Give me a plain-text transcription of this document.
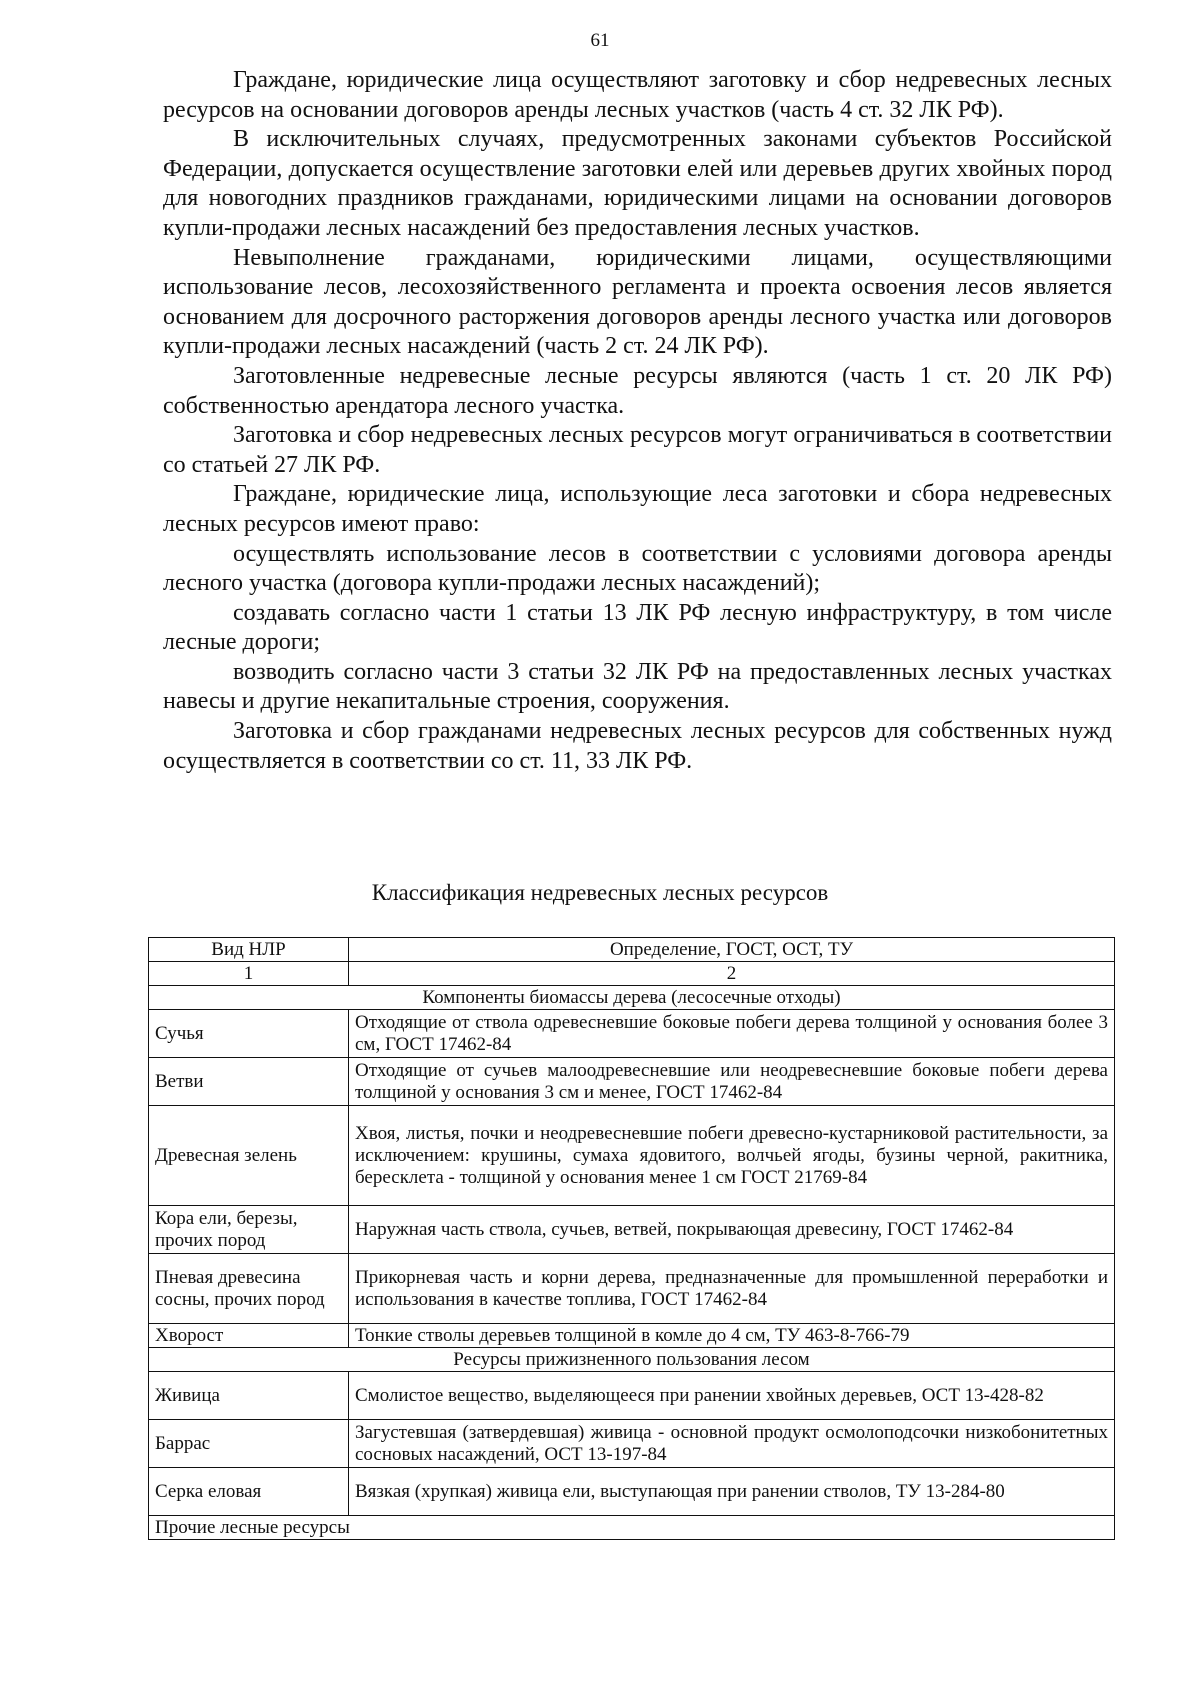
61

Граждане, юридические лица осуществляют заготовку и сбор недревесных лесных ресурсов на основании договоров аренды лесных участков (часть 4 ст. 32 ЛК РФ).

В исключительных случаях, предусмотренных законами субъектов Российской Федерации, допускается осуществление заготовки елей или деревьев других хвойных пород для новогодних праздников гражданами, юридическими лицами на основании договоров купли-продажи лесных насаждений без предоставления лесных участков.

Невыполнение гражданами, юридическими лицами, осуществляющими использование лесов, лесохозяйственного регламента и проекта освоения лесов является основанием для досрочного расторжения договоров аренды лесного участка или договоров купли-продажи лесных насаждений (часть 2 ст. 24 ЛК РФ).

Заготовленные недревесные лесные ресурсы являются (часть 1 ст. 20 ЛК РФ) собственностью арендатора лесного участка.

Заготовка и сбор недревесных лесных ресурсов могут ограничиваться в соответствии со статьей 27 ЛК РФ.

Граждане, юридические лица, использующие леса заготовки и сбора недревесных лесных ресурсов имеют право:

осуществлять использование лесов в соответствии с условиями договора аренды лесного участка (договора купли-продажи лесных насаждений);

создавать согласно части 1 статьи 13 ЛК РФ лесную инфраструктуру, в том числе лесные дороги;

возводить согласно части 3 статьи 32 ЛК РФ на предоставленных лесных участках навесы и другие некапитальные строения, сооружения.

Заготовка и сбор гражданами недревесных лесных ресурсов для собственных нужд осуществляется в соответствии со ст. 11, 33 ЛК РФ.

Классификация недревесных лесных ресурсов
Вид НЛР	Определение, ГОСТ, ОСТ, ТУ
1	2
Компоненты биомассы дерева (лесосечные отходы)	
Сучья	Отходящие от ствола одревесневшие боковые побеги дерева толщиной у основания более 3 см, ГОСТ 17462-84
Ветви	Отходящие от сучьев малоодревесневшие или неодревесневшие боковые побеги дерева толщиной у основания 3 см и менее, ГОСТ 17462-84
Древесная зелень	Хвоя, листья, почки и неодревесневшие побеги древесно-кустарниковой растительности, за исключением: крушины, сумаха ядовитого, волчьей ягоды, бузины черной, ракитника, бересклета - толщиной у основания менее 1 см ГОСТ 21769-84
Кора ели, березы, прочих пород	Наружная часть ствола, сучьев, ветвей, покрывающая древесину, ГОСТ 17462-84
Пневая древесина сосны, прочих пород	Прикорневая часть и корни дерева, предназначенные для промышленной переработки и использования в качестве топлива, ГОСТ 17462-84
Хворост	Тонкие стволы деревьев толщиной в комле до 4 см, ТУ 463-8-766-79
Ресурсы прижизненного пользования лесом	
Живица	Смолистое вещество, выделяющееся при ранении хвойных деревьев, ОСТ 13-428-82
Баррас	Загустевшая (затвердевшая) живица - основной продукт осмолоподсочки низкобонитетных сосновых насаждений, ОСТ 13-197-84
Серка еловая	Вязкая (хрупкая) живица ели, выступающая при ранении стволов, ТУ 13-284-80
Прочие лесные ресурсы	
